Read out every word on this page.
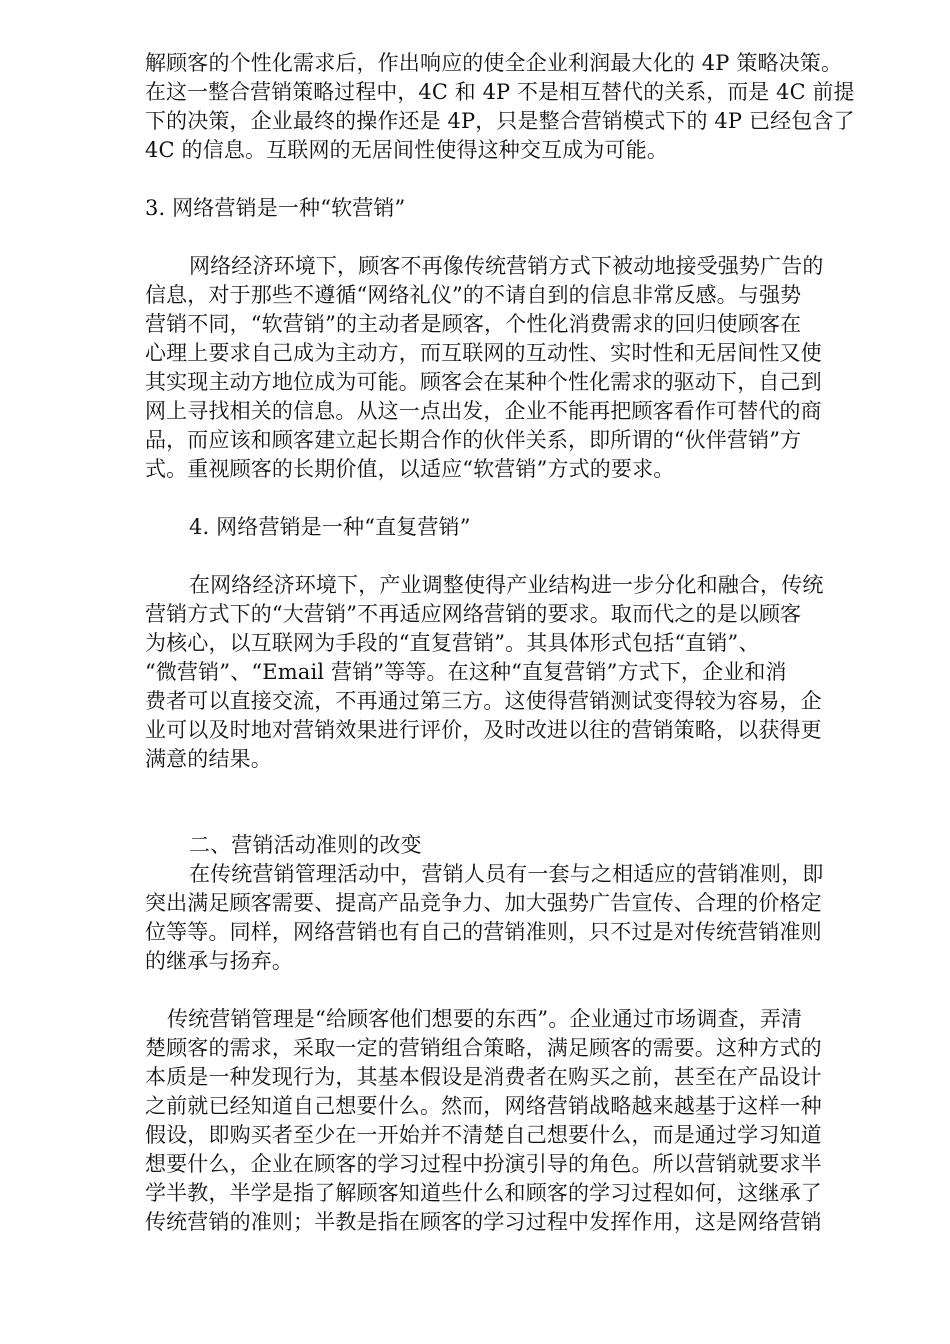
解顾客的个性化需求后，作出响应的使全企业利润最大化的 4P 策略决策。
在这一整合营销策略过程中，4C 和 4P 不是相互替代的关系，而是 4C 前提
下的决策，企业最终的操作还是 4P，只是整合营销模式下的 4P 已经包含了
4C 的信息。互联网的无居间性使得这种交互成为可能。
3. 网络营销是一种“软营销”
网络经济环境下，顾客不再像传统营销方式下被动地接受强势广告的
信息，对于那些不遵循“网络礼仪”的不请自到的信息非常反感。与强势
营销不同，“软营销”的主动者是顾客，个性化消费需求的回归使顾客在
心理上要求自己成为主动方，而互联网的互动性、实时性和无居间性又使
其实现主动方地位成为可能。顾客会在某种个性化需求的驱动下，自己到
网上寻找相关的信息。从这一点出发，企业不能再把顾客看作可替代的商
品，而应该和顾客建立起长期合作的伙伴关系，即所谓的“伙伴营销”方
式。重视顾客的长期价值，以适应“软营销”方式的要求。
4. 网络营销是一种“直复营销”
在网络经济环境下，产业调整使得产业结构进一步分化和融合，传统
营销方式下的“大营销”不再适应网络营销的要求。取而代之的是以顾客
为核心，以互联网为手段的“直复营销”。其具体形式包括“直销”、
“微营销”、“Email 营销”等等。在这种“直复营销”方式下，企业和消
费者可以直接交流，不再通过第三方。这使得营销测试变得较为容易，企
业可以及时地对营销效果进行评价，及时改进以往的营销策略，以获得更
满意的结果。
二、营销活动准则的改变
在传统营销管理活动中，营销人员有一套与之相适应的营销准则，即
突出满足顾客需要、提高产品竞争力、加大强势广告宣传、合理的价格定
位等等。同样，网络营销也有自己的营销准则，只不过是对传统营销准则
的继承与扬弃。
传统营销管理是“给顾客他们想要的东西”。企业通过市场调查，弄清
楚顾客的需求，采取一定的营销组合策略，满足顾客的需要。这种方式的
本质是一种发现行为，其基本假设是消费者在购买之前，甚至在产品设计
之前就已经知道自己想要什么。然而，网络营销战略越来越基于这样一种
假设，即购买者至少在一开始并不清楚自己想要什么，而是通过学习知道
想要什么，企业在顾客的学习过程中扮演引导的角色。所以营销就要求半
学半教，半学是指了解顾客知道些什么和顾客的学习过程如何，这继承了
传统营销的准则；半教是指在顾客的学习过程中发挥作用，这是网络营销
